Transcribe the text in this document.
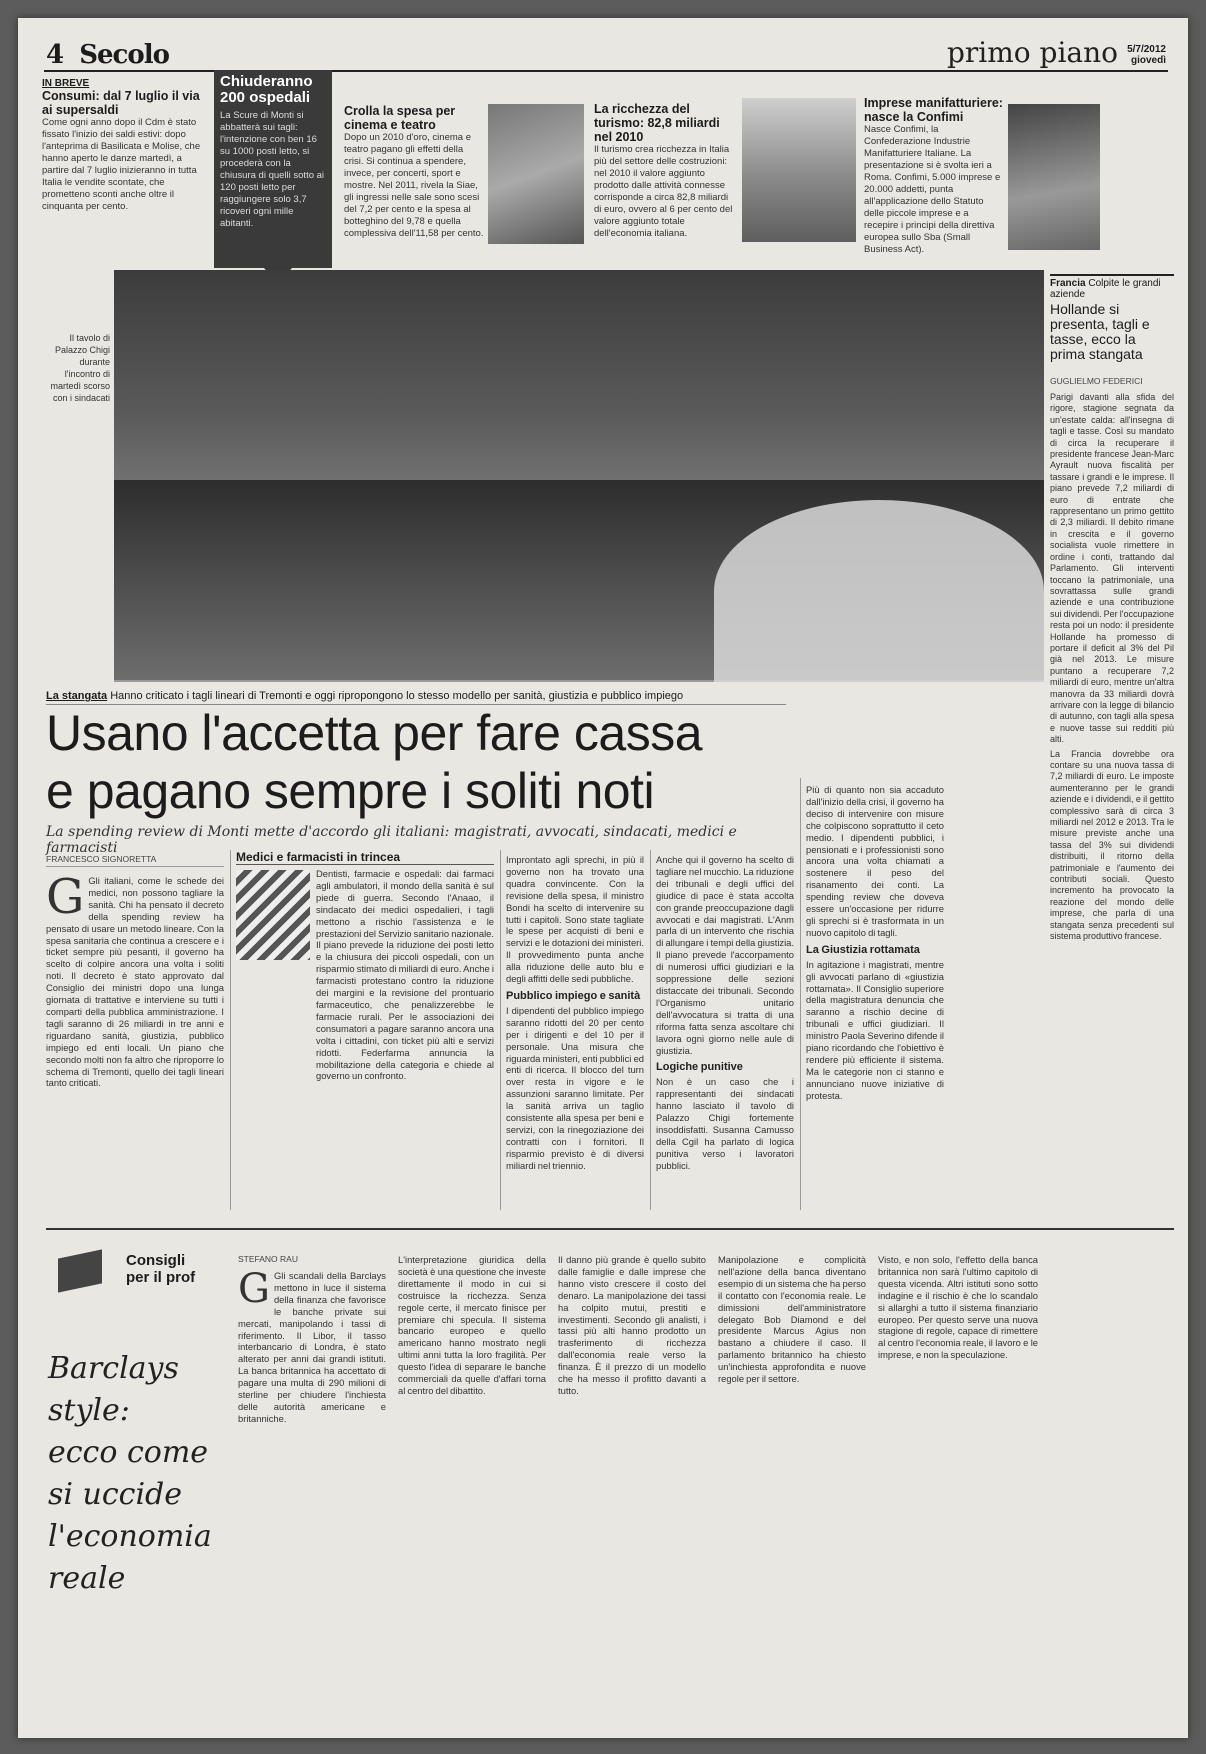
4 Secolo	primo piano 5/7/2012
giovedì
IN BREVE
Consumi: dal 7 luglio il via ai supersaldi
Come ogni anno dopo il Cdm è stato fissato l'inizio dei saldi estivi: dopo l'anteprima di Basilicata e Molise, che hanno aperto le danze martedì, a partire dal 7 luglio inizieranno in tutta Italia le vendite scontate, che prometteno sconti anche oltre il cinquanta per cento.
Chiuderanno 200 ospedali
La Scure di Monti si abbatterà sui tagli: l'intenzione con ben 16 su 1000 posti letto, si procederà con la chiusura di quelli sotto ai 120 posti letto per raggiungere solo 3,7 ricoveri ogni mille abitanti.
Crolla la spesa per cinema e teatro
Dopo un 2010 d'oro, cinema e teatro pagano gli effetti della crisi. Si continua a spendere, invece, per concerti, sport e mostre. Nel 2011, rivela la Siae, gli ingressi nelle sale sono scesi del 7,2 per cento e la spesa al botteghino del 9,78 e quella complessiva dell'11,58 per cento.
La ricchezza del turismo: 82,8 miliardi nel 2010
Il turismo crea ricchezza in Italia più del settore delle costruzioni: nel 2010 il valore aggiunto prodotto dalle attività connesse corrisponde a circa 82,8 miliardi di euro, ovvero al 6 per cento del valore aggiunto totale dell'economia italiana.
Imprese manifatturiere: nasce la Confimi
Nasce Confimi, la Confederazione Industrie Manifatturiere Italiane. La presentazione si è svolta ieri a Roma. Confimi, 5.000 imprese e 20.000 addetti, punta all'applicazione dello Statuto delle piccole imprese e a recepire i principi della direttiva europea sullo Sba (Small Business Act).
Il tavolo di Palazzo Chigi durante l'incontro di martedì scorso con i sindacati
Francia Colpite le grandi aziende
Hollande si presenta, tagli e tasse, ecco la prima stangata
GUGLIELMO FEDERICI

Parigi davanti alla sfida del rigore, stagione segnata da un'estate calda: all'insegna di tagli e tasse. Così su mandato di circa la recuperare il presidente francese Jean-Marc Ayrault nuova fiscalità per tassare i grandi e le imprese. Il piano prevede 7,2 miliardi di euro di entrate che rappresentano un primo gettito di 2,3 miliardi. Il debito rimane in crescita e il governo socialista vuole rimettere in ordine i conti, trattando dal Parlamento. Gli interventi toccano la patrimoniale, una sovrattassa sulle grandi aziende e una contribuzione sui dividendi. Per l'occupazione resta poi un nodo: il presidente Hollande ha promesso di portare il deficit al 3% del Pil già nel 2013. Le misure puntano a recuperare 7,2 miliardi di euro, mentre un'altra manovra da 33 miliardi dovrà arrivare con la legge di bilancio di autunno, con tagli alla spesa e nuove tasse sui redditi più alti.

La Francia dovrebbe ora contare su una nuova tassa di 7,2 miliardi di euro. Le imposte aumenteranno per le grandi aziende e i dividendi, e il gettito complessivo sarà di circa 3 miliardi nel 2012 e 2013. Tra le misure previste anche una tassa del 3% sui dividendi distribuiti, il ritorno della patrimoniale e l'aumento dei contributi sociali. Questo incremento ha provocato la reazione del mondo delle imprese, che parla di una stangata senza precedenti sul sistema produttivo francese.

La stangata Hanno criticato i tagli lineari di Tremonti e oggi ripropongono lo stesso modello per sanità, giustizia e pubblico impiego
Usano l'accetta per fare cassa
e pagano sempre i soliti noti
La spending review di Monti mette d'accordo gli italiani: magistrati, avvocati, sindacati, medici e farmacisti
FRANCESCO SIGNORETTA
G Gli italiani, come le schede dei medici, non possono tagliare la sanità. Chi ha pensato il decreto della spending review ha pensato di usare un metodo lineare. Con la spesa sanitaria che continua a crescere e i ticket sempre più pesanti, il governo ha scelto di colpire ancora una volta i soliti noti. Il decreto è stato approvato dal Consiglio dei ministri dopo una lunga giornata di trattative e interviene su tutti i comparti della pubblica amministrazione. I tagli saranno di 26 miliardi in tre anni e riguardano sanità, giustizia, pubblico impiego ed enti locali. Un piano che secondo molti non fa altro che riproporre lo schema di Tremonti, quello dei tagli lineari tanto criticati.
Medici e farmacisti in trincea
Dentisti, farmacie e ospedali: dai farmaci agli ambulatori, il mondo della sanità è sul piede di guerra. Secondo l'Anaao, il sindacato dei medici ospedalieri, i tagli mettono a rischio l'assistenza e le prestazioni del Servizio sanitario nazionale. Il piano prevede la riduzione dei posti letto e la chiusura dei piccoli ospedali, con un risparmio stimato di miliardi di euro. Anche i farmacisti protestano contro la riduzione dei margini e la revisione del prontuario farmaceutico, che penalizzerebbe le farmacie rurali. Per le associazioni dei consumatori a pagare saranno ancora una volta i cittadini, con ticket più alti e servizi ridotti. Federfarma annuncia la mobilitazione della categoria e chiede al governo un confronto.

Improntato agli sprechi, in più il governo non ha trovato una quadra convincente. Con la revisione della spesa, il ministro Bondi ha scelto di intervenire su tutti i capitoli. Sono state tagliate le spese per acquisti di beni e servizi e le dotazioni dei ministeri. Il provvedimento punta anche alla riduzione delle auto blu e degli affitti delle sedi pubbliche.

Pubblico impiego e sanità

I dipendenti del pubblico impiego saranno ridotti del 20 per cento per i dirigenti e del 10 per il personale. Una misura che riguarda ministeri, enti pubblici ed enti di ricerca. Il blocco del turn over resta in vigore e le assunzioni saranno limitate. Per la sanità arriva un taglio consistente alla spesa per beni e servizi, con la rinegoziazione dei contratti con i fornitori. Il risparmio previsto è di diversi miliardi nel triennio.

Anche qui il governo ha scelto di tagliare nel mucchio. La riduzione dei tribunali e degli uffici del giudice di pace è stata accolta con grande preoccupazione dagli avvocati e dai magistrati. L'Anm parla di un intervento che rischia di allungare i tempi della giustizia. Il piano prevede l'accorpamento di numerosi uffici giudiziari e la soppressione delle sezioni distaccate dei tribunali. Secondo l'Organismo unitario dell'avvocatura si tratta di una riforma fatta senza ascoltare chi lavora ogni giorno nelle aule di giustizia.

Logiche punitive

Non è un caso che i rappresentanti dei sindacati hanno lasciato il tavolo di Palazzo Chigi fortemente insoddisfatti. Susanna Camusso della Cgil ha parlato di logica punitiva verso i lavoratori pubblici.

Più di quanto non sia accaduto dall'inizio della crisi, il governo ha deciso di intervenire con misure che colpiscono soprattutto il ceto medio. I dipendenti pubblici, i pensionati e i professionisti sono ancora una volta chiamati a sostenere il peso del risanamento dei conti. La spending review che doveva essere un'occasione per ridurre gli sprechi si è trasformata in un nuovo capitolo di tagli.

La Giustizia rottamata

In agitazione i magistrati, mentre gli avvocati parlano di «giustizia rottamata». Il Consiglio superiore della magistratura denuncia che saranno a rischio decine di tribunali e uffici giudiziari. Il ministro Paola Severino difende il piano ricordando che l'obiettivo è rendere più efficiente il sistema. Ma le categorie non ci stanno e annunciano nuove iniziative di protesta.

Consigli
per il prof
Barclays style:
ecco come
si uccide
l'economia reale
STEFANO RAU
G Gli scandali della Barclays mettono in luce il sistema della finanza che favorisce le banche private sui mercati, manipolando i tassi di riferimento. Il Libor, il tasso interbancario di Londra, è stato alterato per anni dai grandi istituti. La banca britannica ha accettato di pagare una multa di 290 milioni di sterline per chiudere l'inchiesta delle autorità americane e britanniche.
L'interpretazione giuridica della società è una questione che investe direttamente il modo in cui si costruisce la ricchezza. Senza regole certe, il mercato finisce per premiare chi specula. Il sistema bancario europeo e quello americano hanno mostrato negli ultimi anni tutta la loro fragilità. Per questo l'idea di separare le banche commerciali da quelle d'affari torna al centro del dibattito.
Il danno più grande è quello subito dalle famiglie e dalle imprese che hanno visto crescere il costo del denaro. La manipolazione dei tassi ha colpito mutui, prestiti e investimenti. Secondo gli analisti, i tassi più alti hanno prodotto un trasferimento di ricchezza dall'economia reale verso la finanza. È il prezzo di un modello che ha messo il profitto davanti a tutto.
Manipolazione e complicità nell'azione della banca diventano esempio di un sistema che ha perso il contatto con l'economia reale. Le dimissioni dell'amministratore delegato Bob Diamond e del presidente Marcus Agius non bastano a chiudere il caso. Il parlamento britannico ha chiesto un'inchiesta approfondita e nuove regole per il settore.
Visto, e non solo, l'effetto della banca britannica non sarà l'ultimo capitolo di questa vicenda. Altri istituti sono sotto indagine e il rischio è che lo scandalo si allarghi a tutto il sistema finanziario europeo. Per questo serve una nuova stagione di regole, capace di rimettere al centro l'economia reale, il lavoro e le imprese, e non la speculazione.
